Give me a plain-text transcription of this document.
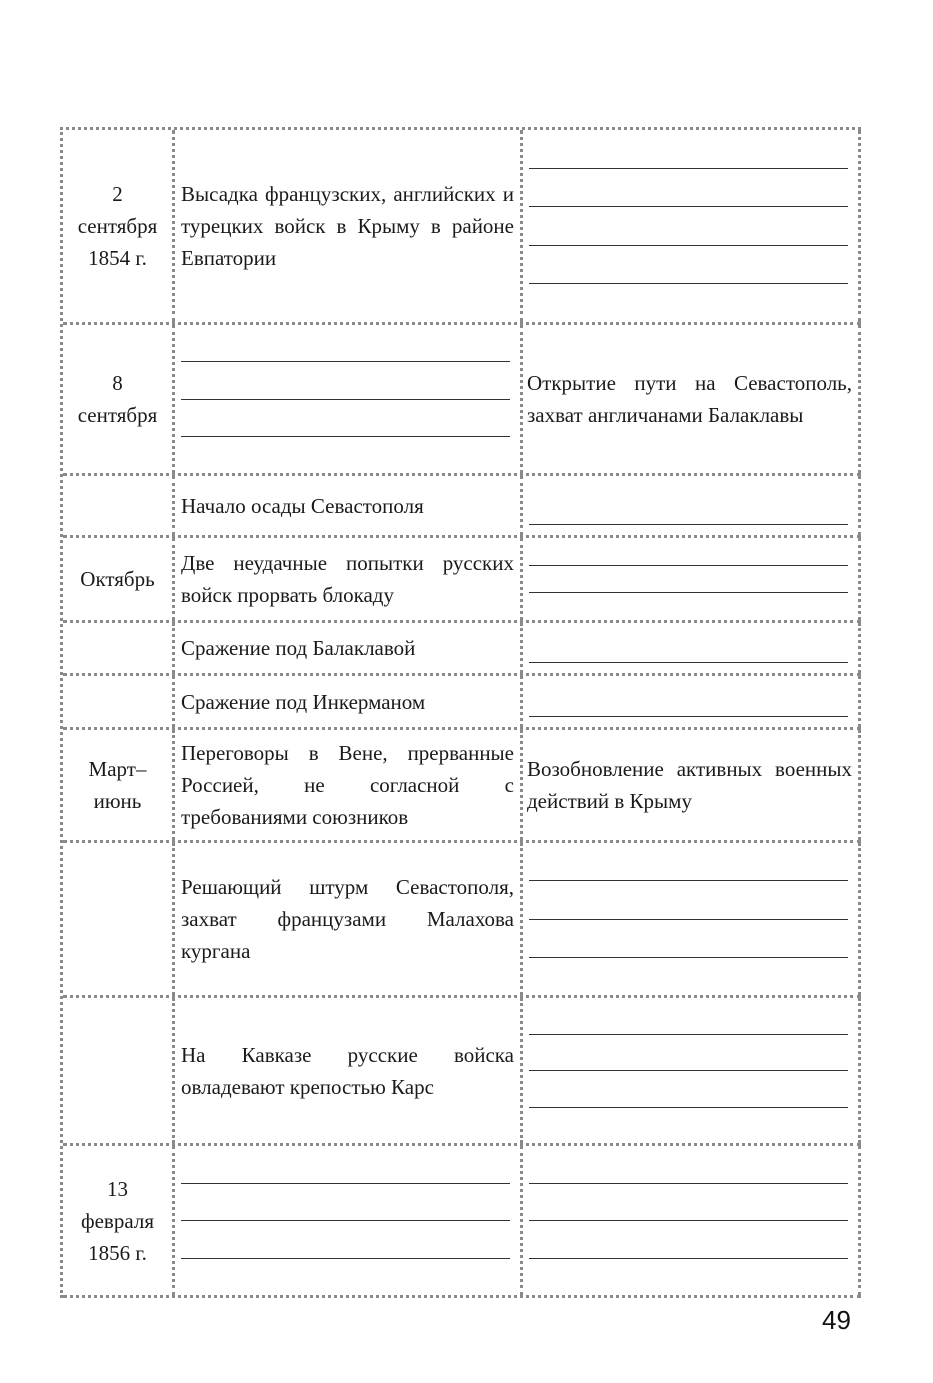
2
сентября
1854 г.
Высадка французских, английских и турецких войск в Крыму в районе Евпатории
8
сентября
Открытие пути на Севастополь, захват англичанами Балаклавы
Начало осады Севастополя
Октябрь
Две неудачные попытки русских войск прорвать блокаду
Сражение под Балаклавой
Сражение под Инкерманом
Март–
июнь
Переговоры в Вене, прерванные Россией, не согласной с требованиями союзников
Возобновление активных военных действий в Крыму
Решающий штурм Севастополя, захват французами Малахова кургана
На Кавказе русские войска овладевают крепостью Карс
13
февраля
1856 г.
49
